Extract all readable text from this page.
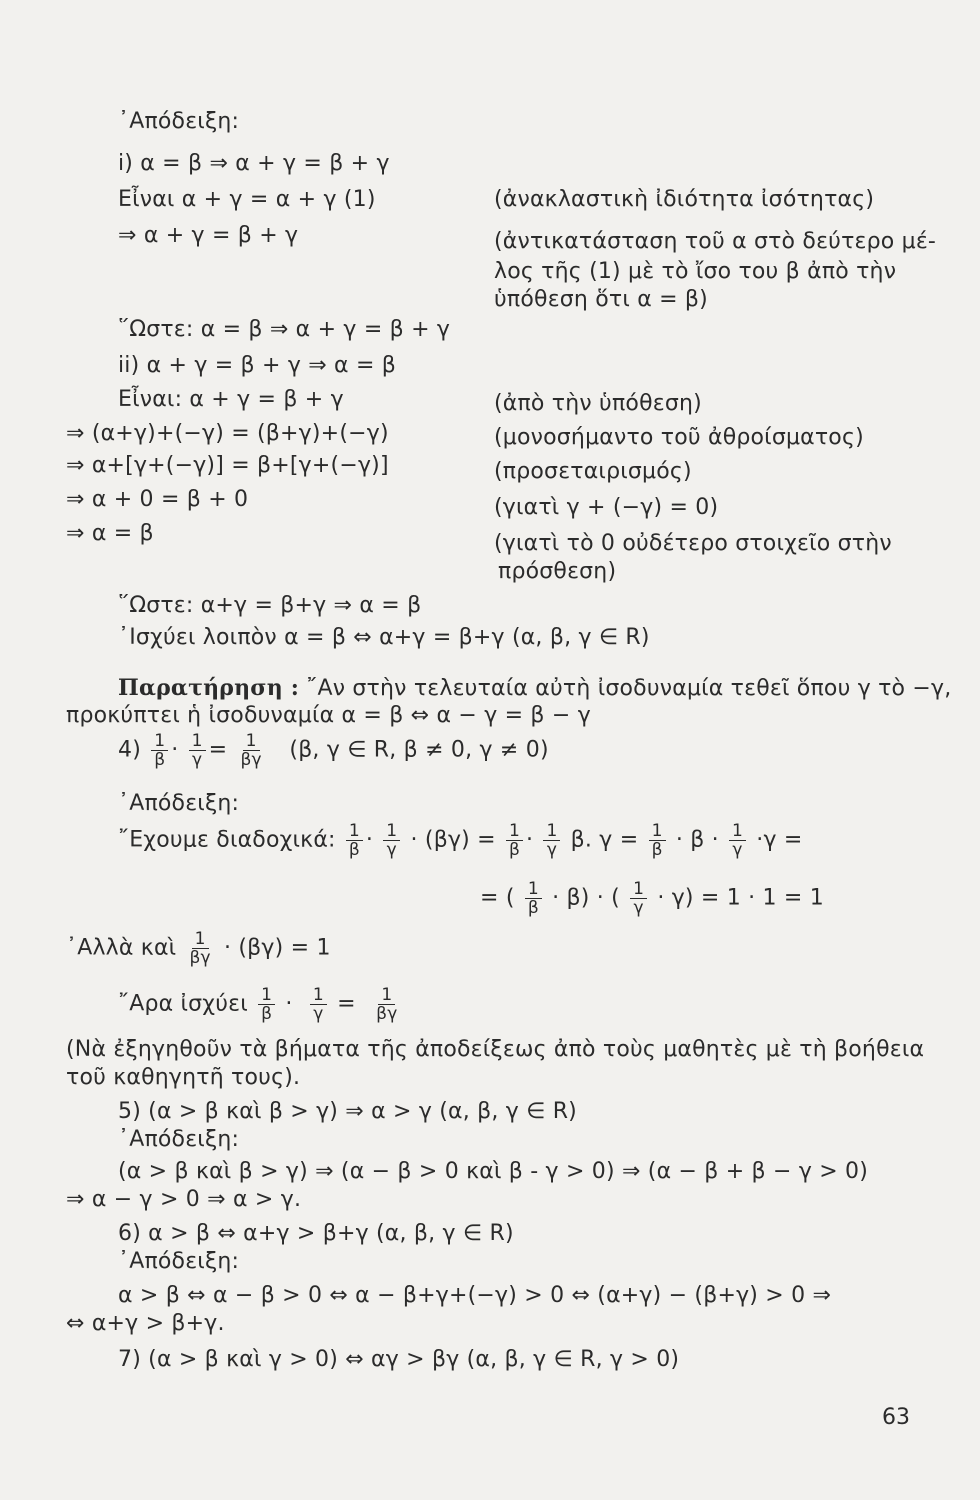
᾿Απόδειξη:
i) α = β ⇒ α + γ = β + γ
Εἶναι α + γ = α + γ (1)	(ἀνακλαστικὴ ἰδιότητα ἰσότητας)
⇒ α + γ = β + γ	(ἀντικατάσταση τοῦ α στὸ δεύτερο μέ-
λος τῆς (1) μὲ τὸ ἴσο του β ἀπὸ τὴν
ὑπόθεση ὅτι α = β)
῞Ωστε: α = β ⇒ α + γ = β + γ
ii) α + γ = β + γ ⇒ α = β
Εἶναι: α + γ = β + γ	(ἀπὸ τὴν ὑπόθεση)
⇒ (α+γ)+(−γ) = (β+γ)+(−γ)	(μονοσήμαντο τοῦ ἀθροίσματος)
⇒ α+[γ+(−γ)] = β+[γ+(−γ)]	(προσεταιρισμός)
⇒ α + 0 = β + 0	(γιατὶ γ + (−γ) = 0)
⇒ α = β	(γιατὶ τὸ 0 οὐδέτερο στοιχεῖο στὴν
πρόσθεση)
῞Ωστε: α+γ = β+γ ⇒ α = β
᾿Ισχύει λοιπὸν α = β ⇔ α+γ = β+γ (α, β, γ ∈ R)
Παρατήρηση : ῎Αν στὴν τελευταία αὐτὴ ἰσοδυναμία τεθεῖ ὅπου γ τὸ −γ,
προκύπτει ἡ ἰσοδυναμία α = β ⇔ α − γ = β − γ
$4) \frac{1}{\beta} \cdot \frac{1}{\gamma} = \frac{1}{\beta\gamma} (\beta$, γ ∈ R, β ≠ 0, γ ≠ 0)
᾿Απόδειξη:
῎Εχουμε διαδοχικά: $\frac{1}{\beta} \cdot \frac{1}{\gamma} \cdot (\beta\gamma) = \frac{1}{\beta} \cdot \frac{1}{\gamma} \beta$. $\gamma = \frac{1}{\beta} \cdot \beta \cdot \frac{1}{\gamma} \cdot\gamma$ =
= ( $\frac{1}{\beta} \cdot \beta$) · ( $\frac{1}{\gamma} \cdot \gamma) = 1 \cdot 1 = 1$
᾿Αλλὰ καὶ $\frac{1}{\beta\gamma} \cdot (\beta\gamma) = 1$
῎Αρα ἰσχύει $\frac{1}{\beta} \cdot \frac{1}{\gamma} = \frac{1}{\beta\gamma}$
(Νὰ ἐξηγηθοῦν τὰ βήματα τῆς ἀποδείξεως ἀπὸ τοὺς μαθητὲς μὲ τὴ βοήθεια
τοῦ καθηγητῆ τους).
5) (α > β καὶ β > γ) ⇒ α > γ (α, β, γ ∈ R)
᾿Απόδειξη:
(α > β καὶ β > γ) ⇒ (α − β > 0 καὶ β - γ > 0) ⇒ (α − β + β − γ > 0)
⇒ α − γ > 0 ⇒ α > γ.
6) α > β ⇔ α+γ > β+γ (α, β, γ ∈ R)
᾿Απόδειξη:
α > β ⇔ α − β > 0 ⇔ α − β+γ+(−γ) > 0 ⇔ (α+γ) − (β+γ) > 0 ⇒
⇔ α+γ > β+γ.
7) (α > β καὶ γ > 0) ⇔ αγ > βγ (α, β, γ ∈ R, γ > 0)
63
